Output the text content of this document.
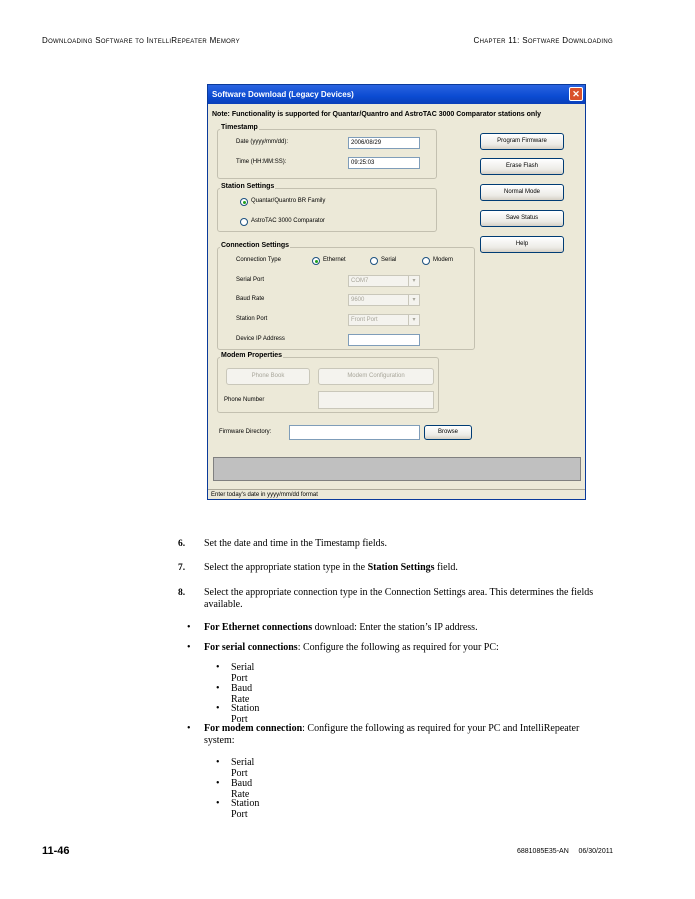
Downloading Software to IntelliRepeater Memory	Chapter 11: Software Downloading
Software Download (Legacy Devices)	✕
Note: Functionality is supported for Quantar/Quantro and AstroTAC 3000 Comparator stations only
Timestamp
Date (yyyy/mm/dd):	2006/08/29
Time (HH:MM:SS):	09:25:03
Station Settings
Quantar/Quantro BR Family
AstroTAC 3000 Comparator
Connection Settings
Connection Type	Ethernet	Serial	Modem
Serial Port	COM7	▾
Baud Rate	9600	▾
Station Port	Front Port	▾
Device IP Address
Modem Properties
Phone Book	Modem Configuration
Phone Number
Program Firmware
Erase Flash
Normal Mode
Save Status
Help
Firmware Directory:	Browse
Enter today's date in yyyy/mm/dd format
6. Set the date and time in the Timestamp fields.
7. Select the appropriate station type in the Station Settings field.
8. Select the appropriate connection type in the Connection Settings area. This determines the fields available.
• For Ethernet connections download: Enter the station’s IP address.
• For serial connections: Configure the following as required for your PC:
• Serial Port
• Baud Rate
• Station Port
• For modem connection: Configure the following as required for your PC and IntelliRepeater system:
• Serial Port
• Baud Rate
• Station Port
11-46	6881085E35-AN     06/30/2011
